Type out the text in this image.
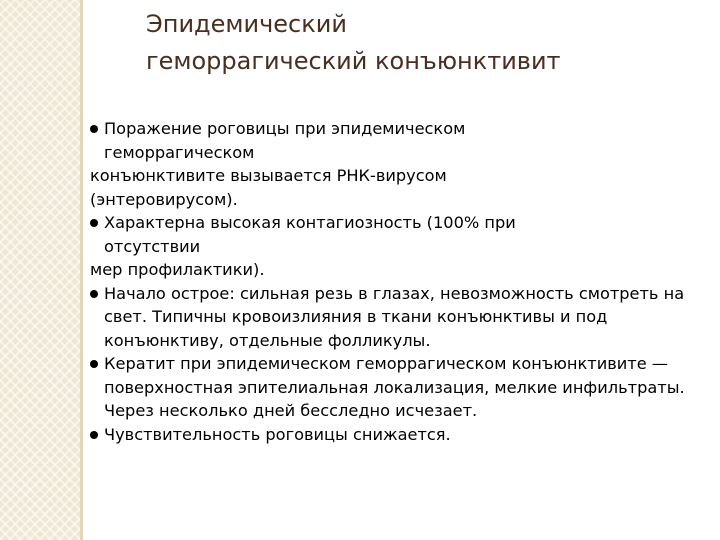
Эпидемический
геморрагический конъюнктивит
Поражение роговицы при эпидемическом
геморрагическом
конъюнктивите вызывается РНК-вирусом
(энтеровирусом).
Характерна высокая контагиозность (100% при
отсутствии
мер профилактики).
Начало острое: сильная резь в глазах, невозможность смотреть на свет. Типичны кровоизлияния в ткани конъюнктивы и под конъюнктиву, отдельные фолликулы.
Кератит при эпидемическом геморрагическом конъюнктивите — поверхностная эпителиальная локализация, мелкие инфильтраты. Через несколько дней бесследно исчезает.
Чувствительность роговицы снижается.
